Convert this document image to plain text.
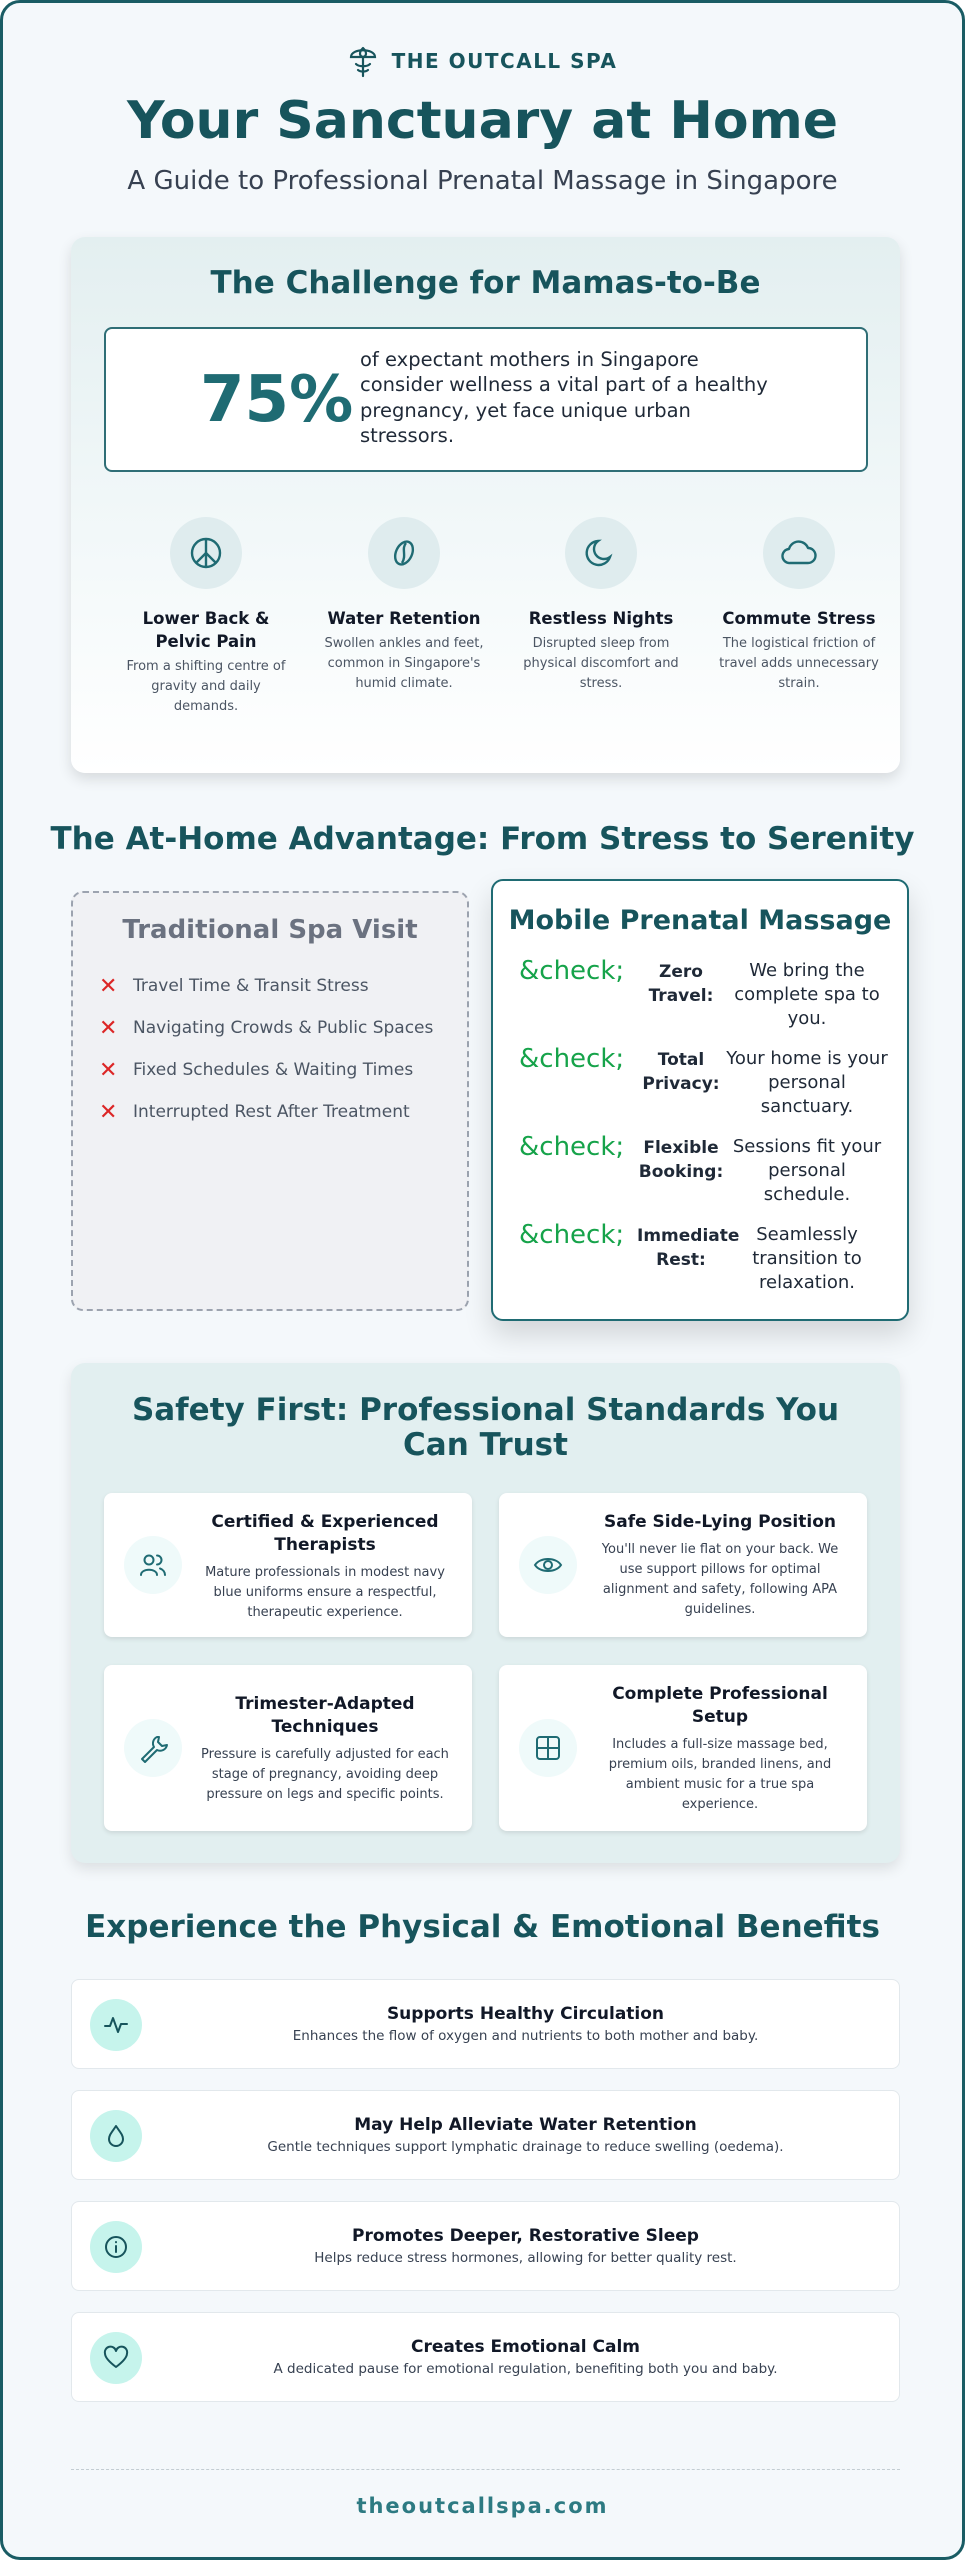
THE OUTCALL SPA
Your Sanctuary at Home
A Guide to Professional Prenatal Massage in Singapore
The Challenge for Mamas-to-Be
75%
of expectant mothers in Singapore consider wellness a vital part of a healthy pregnancy, yet face unique urban stressors.
Lower Back & Pelvic Pain
From a shifting centre of gravity and daily demands.
Water Retention
Swollen ankles and feet, common in Singapore's humid climate.
Restless Nights
Disrupted sleep from physical discomfort and stress.
Commute Stress
The logistical friction of travel adds unnecessary strain.
The At-Home Advantage: From Stress to Serenity
Traditional Spa Visit
✕ Travel Time & Transit Stress
✕ Navigating Crowds & Public Spaces
✕ Fixed Schedules & Waiting Times
✕ Interrupted Rest After Treatment
Mobile Prenatal Massage
&check;	Zero Travel:
We bring the complete spa to you.
&check;	Total Privacy:
Your home is your personal sanctuary.
&check;	Flexible Booking:
Sessions fit your personal schedule.
&check; Immediate Rest:
Seamlessly transition to relaxation.
Safety First: Professional Standards You Can Trust
Certified & Experienced Therapists
Mature professionals in modest navy blue uniforms ensure a respectful, therapeutic experience.
Safe Side-Lying Position
You'll never lie flat on your back. We use support pillows for optimal alignment and safety, following APA guidelines.
Trimester-Adapted Techniques
Pressure is carefully adjusted for each stage of pregnancy, avoiding deep pressure on legs and specific points.
Complete Professional Setup
Includes a full-size massage bed, premium oils, branded linens, and ambient music for a true spa experience.
Experience the Physical & Emotional Benefits
Supports Healthy Circulation
Enhances the flow of oxygen and nutrients to both mother and baby.
May Help Alleviate Water Retention
Gentle techniques support lymphatic drainage to reduce swelling (oedema).
Promotes Deeper, Restorative Sleep
Helps reduce stress hormones, allowing for better quality rest.
Creates Emotional Calm
A dedicated pause for emotional regulation, benefiting both you and baby.
theoutcallspa.com
